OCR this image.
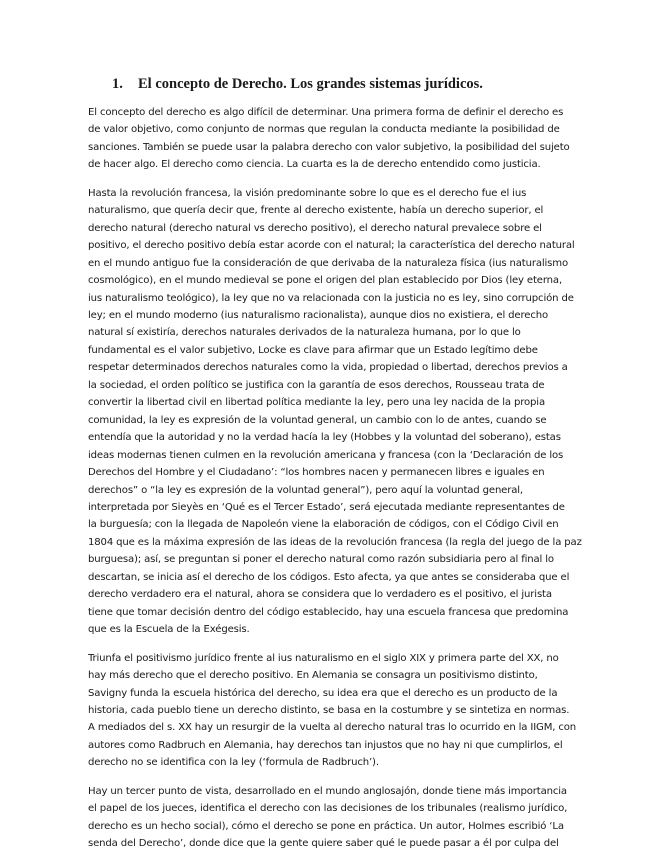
1. El concepto de Derecho. Los grandes sistemas jurídicos.
El concepto del derecho es algo difícil de determinar. Una primera forma de definir el derecho es
de valor objetivo, como conjunto de normas que regulan la conducta mediante la posibilidad de
sanciones. También se puede usar la palabra derecho con valor subjetivo, la posibilidad del sujeto
de hacer algo. El derecho como ciencia. La cuarta es la de derecho entendido como justicia.
Hasta la revolución francesa, la visión predominante sobre lo que es el derecho fue el ius
naturalismo, que quería decir que, frente al derecho existente, había un derecho superior, el
derecho natural (derecho natural vs derecho positivo), el derecho natural prevalece sobre el
positivo, el derecho positivo debía estar acorde con el natural; la característica del derecho natural
en el mundo antiguo fue la consideración de que derivaba de la naturaleza física (ius naturalismo
cosmológico), en el mundo medieval se pone el origen del plan establecido por Dios (ley eterna,
ius naturalismo teológico), la ley que no va relacionada con la justicia no es ley, sino corrupción de
ley; en el mundo moderno (ius naturalismo racionalista), aunque dios no existiera, el derecho
natural sí existiría, derechos naturales derivados de la naturaleza humana, por lo que lo
fundamental es el valor subjetivo, Locke es clave para afirmar que un Estado legítimo debe
respetar determinados derechos naturales como la vida, propiedad o libertad, derechos previos a
la sociedad, el orden político se justifica con la garantía de esos derechos, Rousseau trata de
convertir la libertad civil en libertad política mediante la ley, pero una ley nacida de la propia
comunidad, la ley es expresión de la voluntad general, un cambio con lo de antes, cuando se
entendía que la autoridad y no la verdad hacía la ley (Hobbes y la voluntad del soberano), estas
ideas modernas tienen culmen en la revolución americana y francesa (con la ‘Declaración de los
Derechos del Hombre y el Ciudadano’: “los hombres nacen y permanecen libres e iguales en
derechos” o “la ley es expresión de la voluntad general”), pero aquí la voluntad general,
interpretada por Sieyès en ‘Qué es el Tercer Estado’, será ejecutada mediante representantes de
la burguesía; con la llegada de Napoleón viene la elaboración de códigos, con el Código Civil en
1804 que es la máxima expresión de las ideas de la revolución francesa (la regla del juego de la paz
burguesa); así, se preguntan si poner el derecho natural como razón subsidiaria pero al final lo
descartan, se inicia así el derecho de los códigos. Esto afecta, ya que antes se consideraba que el
derecho verdadero era el natural, ahora se considera que lo verdadero es el positivo, el jurista
tiene que tomar decisión dentro del código establecido, hay una escuela francesa que predomina
que es la Escuela de la Exégesis.
Triunfa el positivismo jurídico frente al ius naturalismo en el siglo XIX y primera parte del XX, no
hay más derecho que el derecho positivo. En Alemania se consagra un positivismo distinto,
Savigny funda la escuela histórica del derecho, su idea era que el derecho es un producto de la
historia, cada pueblo tiene un derecho distinto, se basa en la costumbre y se sintetiza en normas.
A mediados del s. XX hay un resurgir de la vuelta al derecho natural tras lo ocurrido en la IIGM, con
autores como Radbruch en Alemania, hay derechos tan injustos que no hay ni que cumplirlos, el
derecho no se identifica con la ley (‘formula de Radbruch’).
Hay un tercer punto de vista, desarrollado en el mundo anglosajón, donde tiene más importancia
el papel de los jueces, identifica el derecho con las decisiones de los tribunales (realismo jurídico,
derecho es un hecho social), cómo el derecho se pone en práctica. Un autor, Holmes escribió ‘La
senda del Derecho’, donde dice que la gente quiere saber qué le puede pasar a él por culpa del
